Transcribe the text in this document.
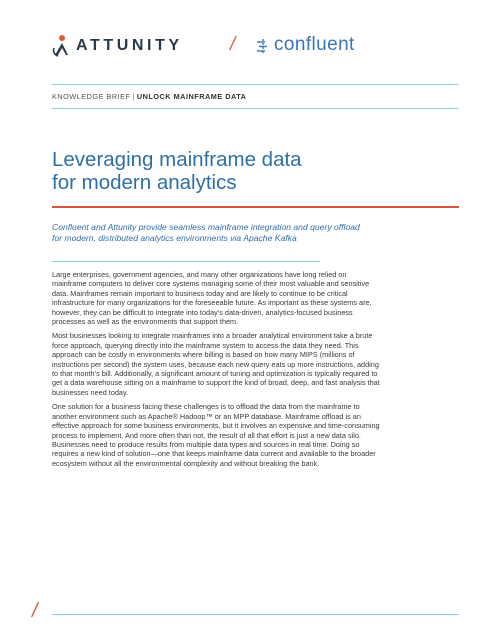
ATTUNITY / confluent
KNOWLEDGE BRIEF | UNLOCK MAINFRAME DATA
Leveraging mainframe data
for modern analytics

Confluent and Attunity provide seamless mainframe integration and query offload for modern, distributed analytics environments via Apache Kafka

Large enterprises, government agencies, and many other organizations have long relied on mainframe computers to deliver core systems managing some of their most valuable and sensitive data. Mainframes remain important to business today and are likely to continue to be critical infrastructure for many organizations for the foreseeable future. As important as these systems are, however, they can be difficult to integrate into today’s data-driven, analytics-focused business processes as well as the environments that support them.

Most businesses looking to integrate mainframes into a broader analytical environment take a brute force approach, querying directly into the mainframe system to access the data they need. This approach can be costly in environments where billing is based on how many MIPS (millions of instructions per second) the system uses, because each new query eats up more instructions, adding to that month’s bill. Additionally, a significant amount of tuning and optimization is typically required to get a data warehouse sitting on a mainframe to support the kind of broad, deep, and fast analysis that businesses need today.

One solution for a business facing these challenges is to offload the data from the mainframe to another environment such as Apache® Hadoop™ or an MPP database. Mainframe offload is an effective approach for some business environments, but it involves an expensive and time-consuming process to implement. And more often than not, the result of all that effort is just a new data silo. Businesses need to produce results from multiple data types and sources in real time. Doing so requires a new kind of solution—one that keeps mainframe data current and available to the broader ecosystem without all the environmental complexity and without breaking the bank.

/
